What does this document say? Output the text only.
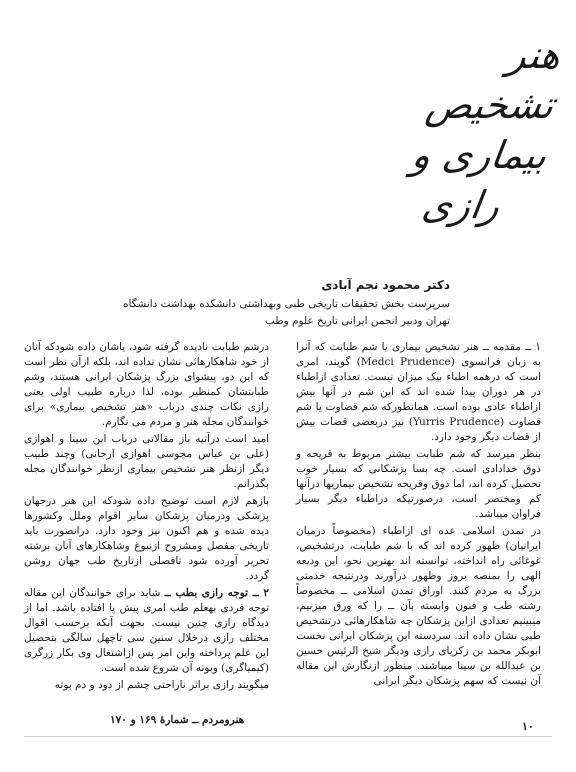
هنر تشخیص بیماری و
رازی
دکتر محمود نجم آبادی
سرپرست بخش تحقیقات تاریخی طبی وبهداشتی دانشکده بهداشت دانشگاه
تهران ودبیر انجمن ایرانی تاریخ علوم وطب

۱ ــ مقدمه ــ هنر تشخیص بیماری یا شم طبابت که آنرا به زبان فرانسوی (Medci Prudence) گویند، امری است که درهمه اطباء بیک میزان نیست. تعدادی ازاطباء در هر دوران پیدا شده اند که این شم در آنها بیش ازاطباء عادی بوده است. همانطورکه شم قضاوت یا شم قضاوت (Yurris Prudence) نیز دربعضی قضات بیش از قضات دیگر وجود دارد.

بنظر میرسد که شم طبابت بیشتر مربوط به قریحه و ذوق خدادادی است. چه بسا پزشکانی که بسیار خوب تحصیل کرده اند، اما ذوق وقریحه تشخیص بیماریها درآنها کم ومختصر است، درصورتیکه دراطباء دیگر بسیار فراوان میباشد.

در تمدن اسلامی عده ای ازاطباء (مخصوصاً درمیان ایرانیان) ظهور کرده اند که با شم طبابت، درتشخیص، غوغائی راه انداخته، توانسته اند بهترین نحو، این ودیعه الهی را بمنصه بروز وظهور درآورند ودرنتیجه خدمتی بزرگ به مردم کنند. اوراق تمدن اسلامی ــ مخصوصاً رشته طب و فنون وابسته بآن ــ را که ورق میزنیم، میبینیم تعدادی ازاین پزشکان چه شاهکارهائی درتشخیص طبی نشان داده اند. سردسته این پزشکان ایرانی نخست ابوبکر محمد بن زکریای رازی ودیگر شیخ الرئیس حسین بن عبدالله بن سینا میباشند. منظور ازنگارش این مقاله آن نیست که سهم پزشکان دیگر ایرانی

درشم طبابت نادیده گرفته شود، یاشان داده شودکه آنان از خود شاهکارهائی نشان نداده اند، بلکه ازآن نظر است که این دو، پیشوای بزرگ پزشکان ایرانی هستند، وشم طبابتشان کمنظیر بوده، لذا درباره طبیب اولی یعنی رازی نکات چندی درباب «هنر تشخیص بیماری» برای خوانندگان مجله هنر و مردم می نگارم.

امید است درآتیه باز مقالاتی درباب ابن سینا و اهوازی (علی بن عباس مجوسی اهوازی ارجانی) وچند طبیب دیگر ازنظر هنر تشخیص بیماری ازنظر خوانندگان مجله بگذرانم.

بازهم لازم است توضیح داده شودکه این هنر درجهان پزشکی ودرمیان پزشکان سایر اقوام وملل وکشورها دیده شده و هم اکنون نیز وجود دارد. درانصورت باید تاریخی مفصل ومشروح ازنبوغ وشاهکارهای آنان برشته تحریر آورده شود تافصلی ازتاریخ طب جهان روشن گردد.

۲ ــ توجه رازی بطب ــ شاید برای خوانندگان این مقاله توجه فردی بهعلم طب امری پیش پا افتاده باشد. اما از دیدگاه رازی چنین نیست. بجهت آنکه برحسب اقوال مختلف رازی درخلال سنین سی تاچهل سالگی بتحصیل این علم پرداخته واین امر پس ازاشتغال وی بکار زرگری (کیمیاگری) وبوته آن شروع شده است.

میگویند رازی براثر ناراحتی چشم از دود و دم بوته

هنرومردم ــ شمارهٔ ۱۶۹ و ۱۷۰	۱۰
